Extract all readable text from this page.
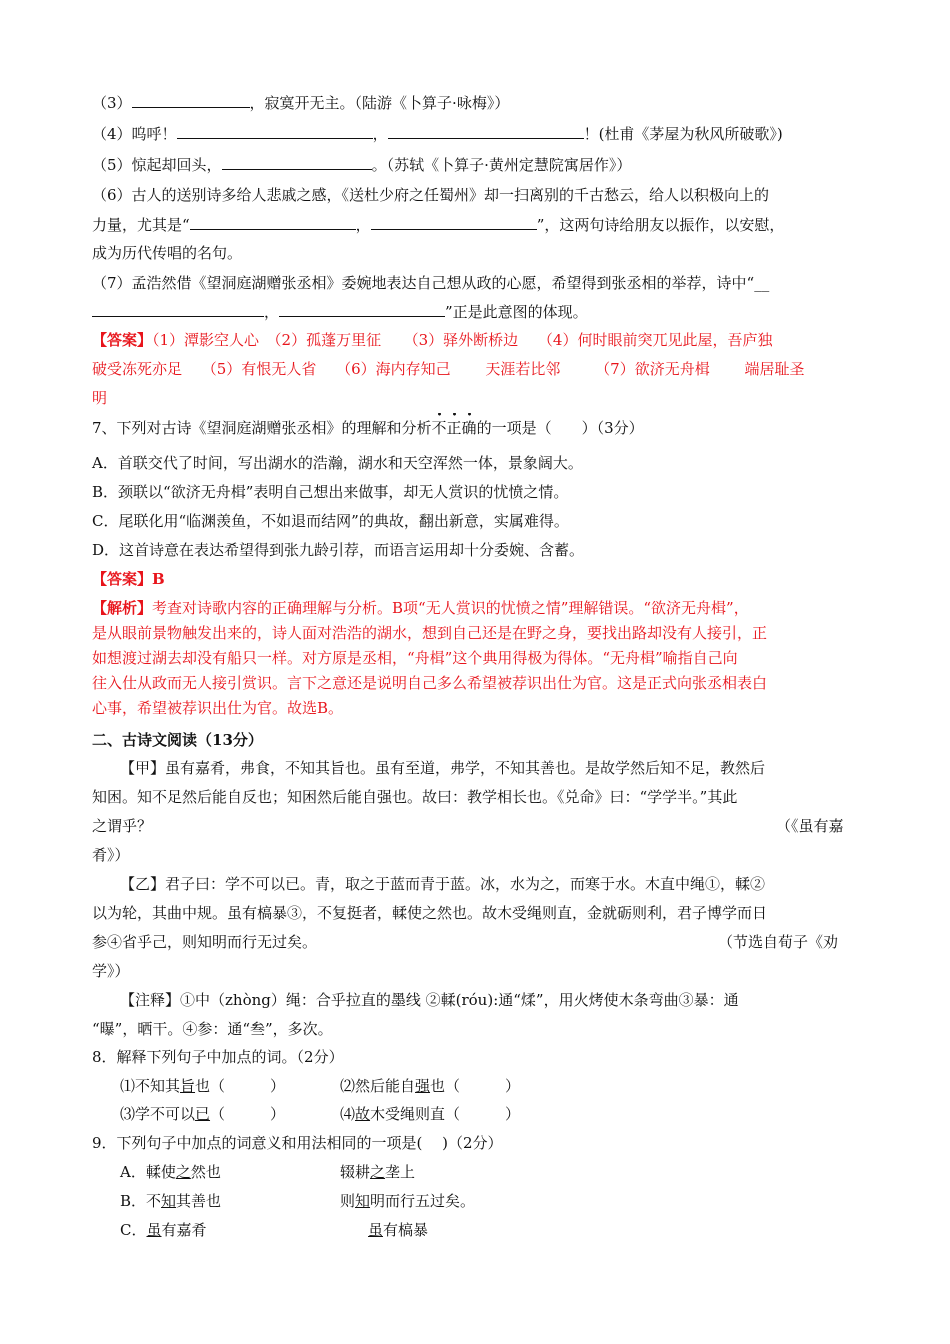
（3）	，寂寞开无主。（陆游《卜算子·咏梅》）
（4）呜呼！	，	！(杜甫《茅屋为秋风所破歌》)
（5）惊起却回头，	。（苏轼《卜算子·黄州定慧院寓居作》）
（6）古人的送别诗多给人悲戚之感，《送杜少府之任蜀州》却一扫离别的千古愁云，给人以积极向上的
力量，尤其是“	，	”，这两句诗给朋友以振作，以安慰，
成为历代传唱的名句。
（7）孟浩然借《望洞庭湖赠张丞相》委婉地表达自己想从政的心愿，希望得到张丞相的举荐，诗中“__
，	”正是此意图的体现。
【答案】（1）潭影空人心　（2）孤蓬万里征　　（3）驿外断桥边　 （4）何时眼前突兀见此屋，吾庐独
破受冻死亦足　 （5）有恨无人省　 （6）海内存知己　　 天涯若比邻　　 （7）欲济无舟楫　　 端居耻圣
明
7、下列对古诗《望洞庭湖赠张丞相》的理解和分析不正确的一项是（　　）（3分）
A．首联交代了时间，写出湖水的浩瀚，湖水和天空浑然一体，景象阔大。
B．颈联以“欲济无舟楫”表明自己想出来做事，却无人赏识的忧愤之情。
C．尾联化用“临渊羡鱼，不如退而结网”的典故，翻出新意，实属难得。
D．这首诗意在表达希望得到张九龄引荐，而语言运用却十分委婉、含蓄。
【答案】B
【解析】考查对诗歌内容的正确理解与分析。B项“无人赏识的忧愤之情”理解错误。“欲济无舟楫”，
是从眼前景物触发出来的，诗人面对浩浩的湖水，想到自己还是在野之身，要找出路却没有人接引，正
如想渡过湖去却没有船只一样。对方原是丞相，“舟楫”这个典用得极为得体。“无舟楫”喻指自己向
往入仕从政而无人接引赏识。言下之意还是说明自己多么希望被荐识出仕为官。这是正式向张丞相表白
心事，希望被荐识出仕为官。故选B。
二、古诗文阅读（13分）
【甲】虽有嘉肴，弗食，不知其旨也。虽有至道，弗学，不知其善也。是故学然后知不足，教然后
知困。知不足然后能自反也；知困然后能自强也。故曰：教学相长也。《兑命》曰：“学学半。”其此
之谓乎？	（《虽有嘉
肴》）
【乙】君子曰：学不可以已。青，取之于蓝而青于蓝。冰，水为之，而寒于水。木直中绳①，輮②
以为轮，其曲中规。虽有槁暴③，不复挺者，輮使之然也。故木受绳则直，金就砺则利，君子博学而日
参④省乎己，则知明而行无过矣。	（节选自荀子《劝
学》）
【注释】①中（zhòng）绳：合乎拉直的墨线 ②輮(róu):通“煣”，用火烤使木条弯曲③暴：通
“曝”，晒干。④参：通“叁”，多次。
8．解释下列句子中加点的词。（2分）
⑴不知其旨也（　　　）	⑵然后能自强也（　　　）
⑶学不可以已（　　　）	⑷故木受绳则直（　　　）
9．下列句子中加点的词意义和用法相同的一项是(　 )（2分）
A．輮使之然也	辍耕之垄上
B．不知其善也	则知明而行五过矣。
C．虽有嘉肴	虽有槁暴
